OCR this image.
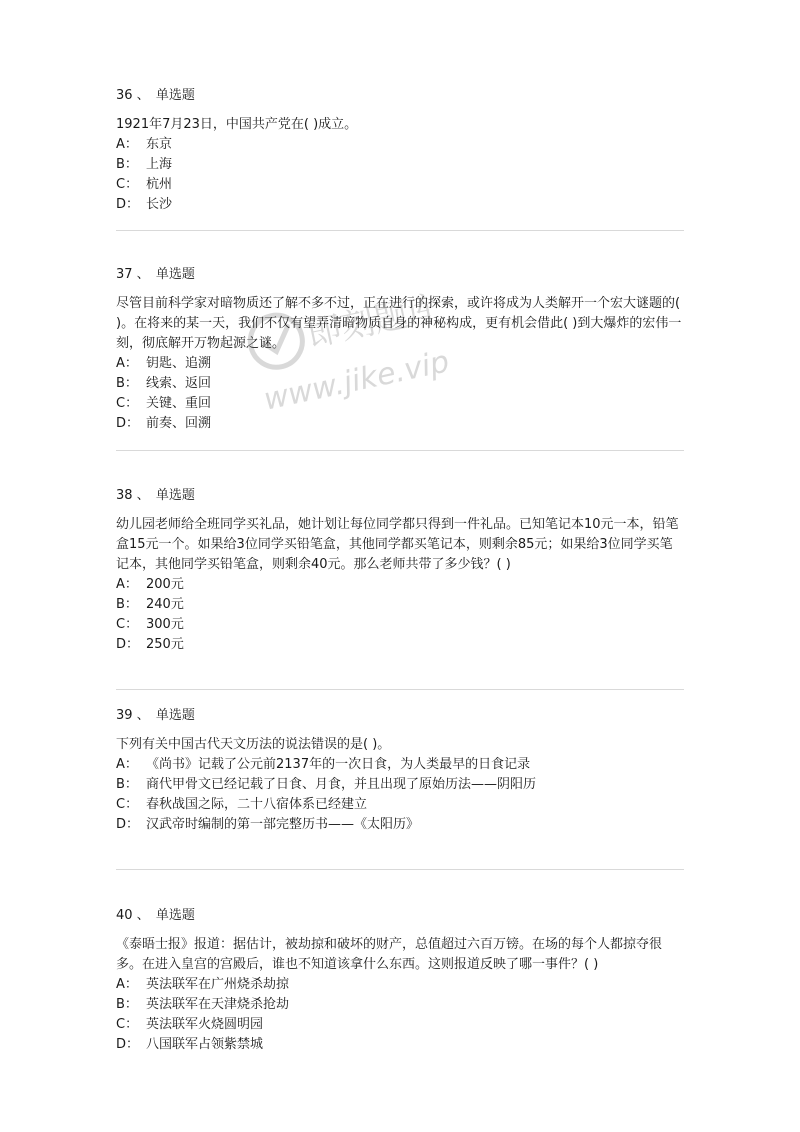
36 、 单选题

1921年7月23日，中国共产党在( )成立。

A： 东京
B： 上海
C： 杭州
D： 长沙
37 、 单选题

尽管目前科学家对暗物质还了解不多不过，正在进行的探索，或许将成为人类解开一个宏大谜题的( )。在将来的某一天，我们不仅有望弄清暗物质自身的神秘构成，更有机会借此( )到大爆炸的宏伟一刻，彻底解开万物起源之谜。

A： 钥匙、追溯
B： 线索、返回
C： 关键、重回
D： 前奏、回溯
38 、 单选题

幼儿园老师给全班同学买礼品，她计划让每位同学都只得到一件礼品。已知笔记本10元一本，铅笔盒15元一个。如果给3位同学买铅笔盒，其他同学都买笔记本，则剩余85元；如果给3位同学买笔记本，其他同学买铅笔盒，则剩余40元。那么老师共带了多少钱？( )

A： 200元
B： 240元
C： 300元
D： 250元
39 、 单选题

下列有关中国古代天文历法的说法错误的是( )。

A： 《尚书》记载了公元前2137年的一次日食，为人类最早的日食记录
B： 商代甲骨文已经记载了日食、月食，并且出现了原始历法——阴阳历
C： 春秋战国之际，二十八宿体系已经建立
D： 汉武帝时编制的第一部完整历书——《太阳历》
40 、 单选题

《泰晤士报》报道：据估计，被劫掠和破坏的财产，总值超过六百万镑。在场的每个人都掠夺很多。在进入皇宫的宫殿后，谁也不知道该拿什么东西。这则报道反映了哪一事件？( )

A： 英法联军在广州烧杀劫掠
B： 英法联军在天津烧杀抢劫
C： 英法联军火烧圆明园
D： 八国联军占领紫禁城
即刻题库
www.jike.vip
